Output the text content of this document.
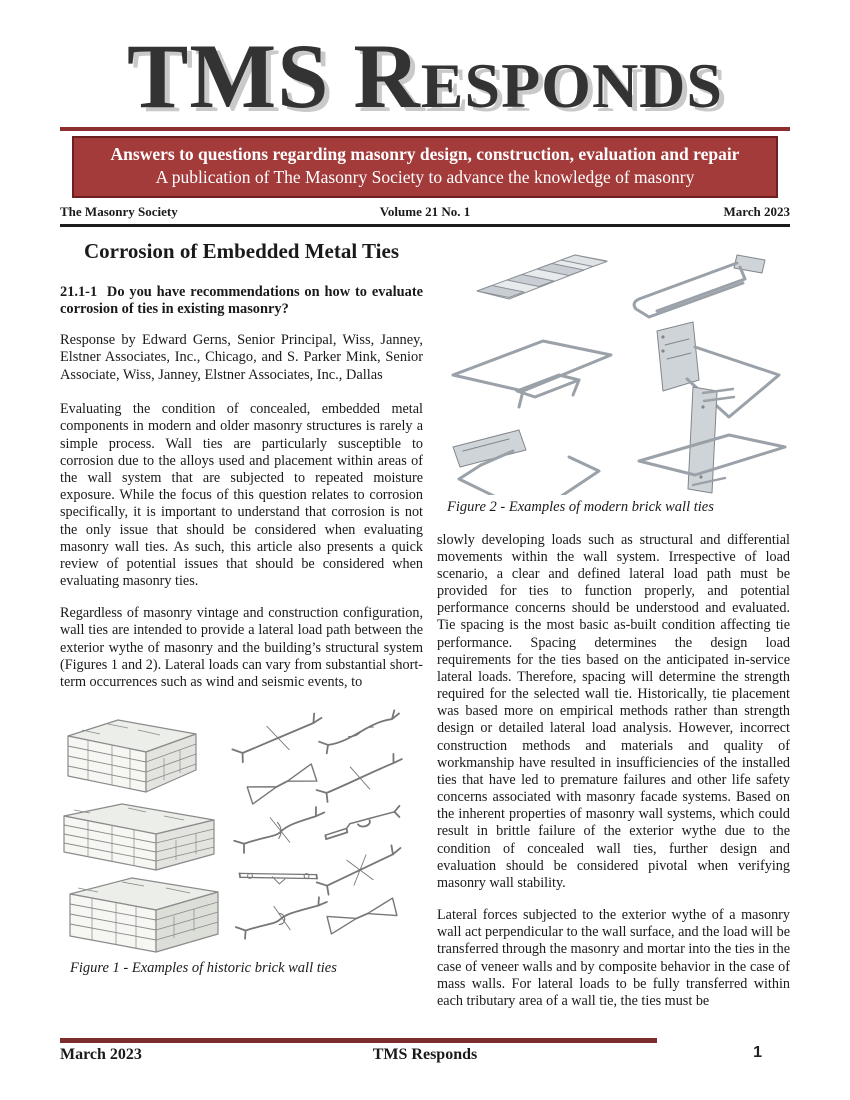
TMS Responds
Answers to questions regarding masonry design, construction, evaluation and repair
A publication of The Masonry Society to advance the knowledge of masonry
The Masonry Society	Volume 21 No. 1	March 2023
Corrosion of Embedded Metal Ties
21.1-1  Do you have recommendations on how to evaluate corrosion of ties in existing masonry?
Response by Edward Gerns, Senior Principal, Wiss, Janney, Elstner Associates, Inc., Chicago, and S. Parker Mink, Senior Associate, Wiss, Janney, Elstner Associates, Inc., Dallas

Evaluating the condition of concealed, embedded metal components in modern and older masonry structures is rarely a simple process. Wall ties are particularly susceptible to corrosion due to the alloys used and placement within areas of the wall system that are subjected to repeated moisture exposure. While the focus of this question relates to corrosion specifically, it is important to understand that corrosion is not the only issue that should be considered when evaluating masonry wall ties. As such, this article also presents a quick review of potential issues that should be considered when evaluating masonry ties.

Regardless of masonry vintage and construction configuration, wall ties are intended to provide a lateral load path between the exterior wythe of masonry and the building’s structural system (Figures 1 and 2). Lateral loads can vary from substantial short-term occurrences such as wind and seismic events, to

Figure 1 - Examples of historic brick wall ties
Figure 2 - Examples of modern brick wall ties

slowly developing loads such as structural and differential movements within the wall system. Irrespective of load scenario, a clear and defined lateral load path must be provided for ties to function properly, and potential performance concerns should be understood and evaluated. Tie spacing is the most basic as-built condition affecting tie performance. Spacing determines the design load requirements for the ties based on the anticipated in-service lateral loads. Therefore, spacing will determine the strength required for the selected wall tie. Historically, tie placement was based more on empirical methods rather than strength design or detailed lateral load analysis. However, incorrect construction methods and materials and quality of workmanship have resulted in insufficiencies of the installed ties that have led to premature failures and other life safety concerns associated with masonry facade systems. Based on the inherent properties of masonry wall systems, which could result in brittle failure of the exterior wythe due to the condition of concealed wall ties, further design and evaluation should be considered pivotal when verifying masonry wall stability.

Lateral forces subjected to the exterior wythe of a masonry wall act perpendicular to the wall surface, and the load will be transferred through the masonry and mortar into the ties in the case of veneer walls and by composite behavior in the case of mass walls. For lateral loads to be fully transferred within each tributary area of a wall tie, the ties must be

March 2023	TMS Responds	1
